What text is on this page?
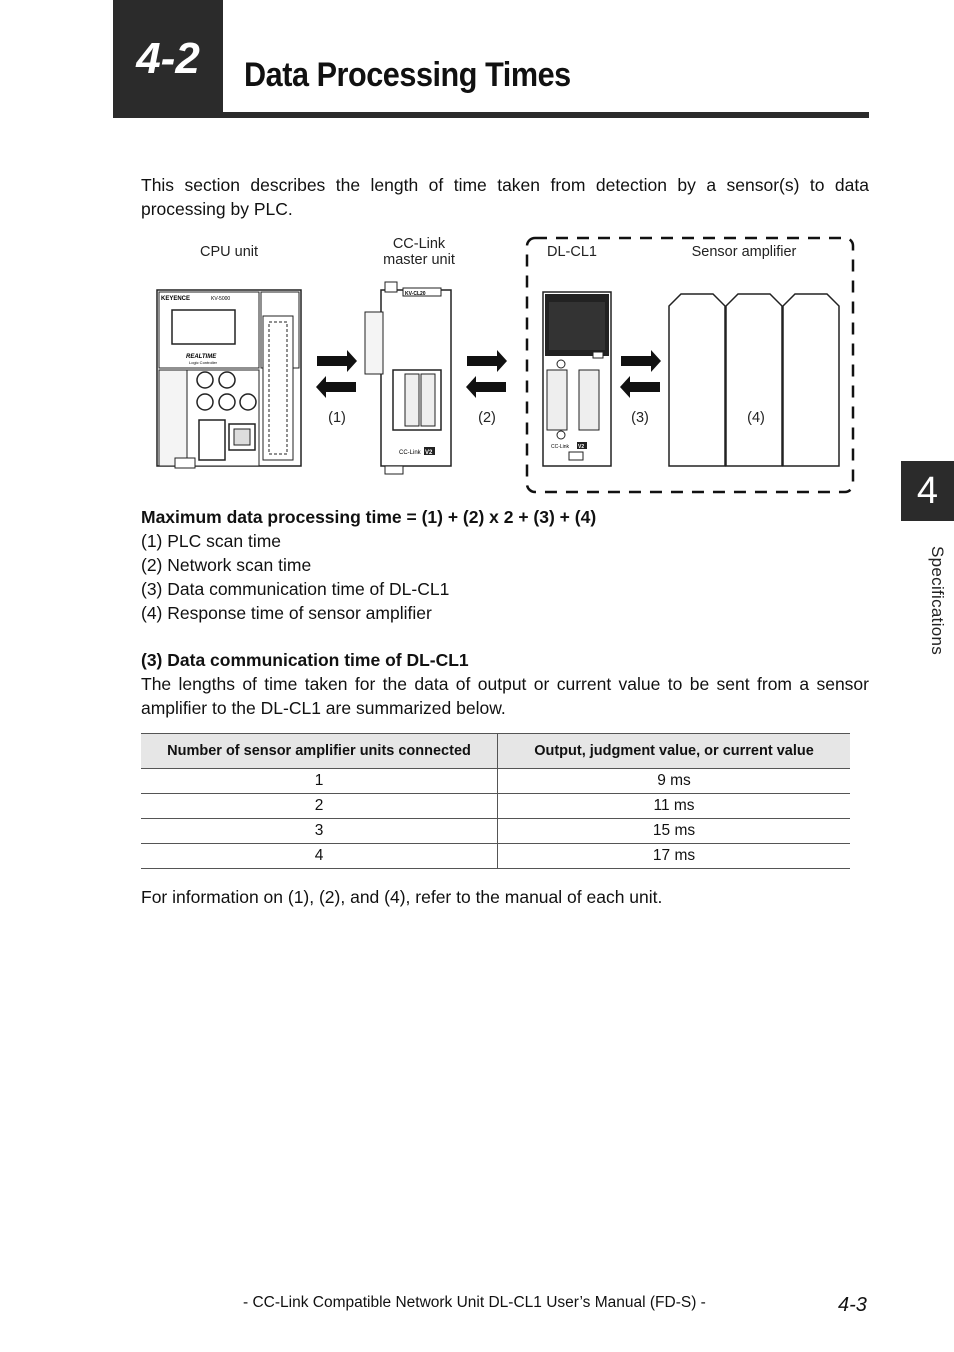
4-2	Data Processing Times
4
Specifications
This section describes the length of time taken from detection by a sensor(s) to data processing by PLC.
KEYENCE	KV-5000
REALTIME
Logic Controller
KV-CL20
CC-Link V2
CC-Link V2
CPU unit	CC-Link
master unit	DL-CL1	Sensor amplifier
(1)	(2)	(3)	(4)
Maximum data processing time = (1) + (2) x 2 + (3) + (4)
(1) PLC scan time
(2) Network scan time
(3) Data communication time of DL-CL1
(4) Response time of sensor amplifier
(3) Data communication time of DL-CL1
The lengths of time taken for the data of output or current value to be sent from a sensor amplifier to the DL-CL1 are summarized below.
Number of sensor amplifier units connected	Output, judgment value, or current value
1	9 ms
2	11 ms
3	15 ms
4	17 ms
For information on (1), (2), and (4), refer to the manual of each unit.
- CC-Link Compatible Network Unit DL-CL1 User’s Manual (FD-S) -	4-3
